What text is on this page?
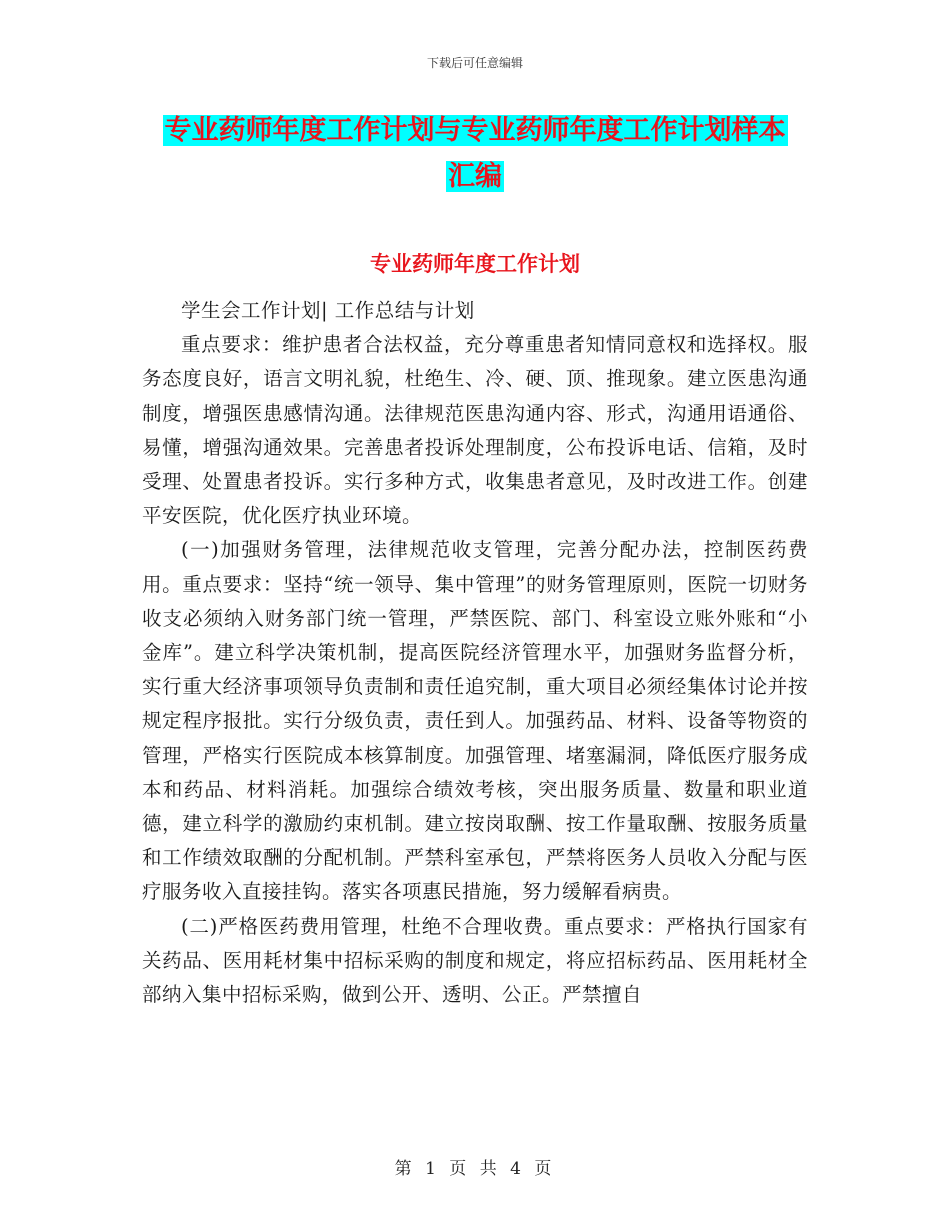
下载后可任意编辑
专业药师年度工作计划与专业药师年度工作计划样本
汇编
专业药师年度工作计划

学生会工作计划| 工作总结与计划

重点要求：维护患者合法权益，充分尊重患者知情同意权和选择权。服务态度良好，语言文明礼貌，杜绝生、冷、硬、顶、推现象。建立医患沟通制度，增强医患感情沟通。法律规范医患沟通内容、形式，沟通用语通俗、易懂，增强沟通效果。完善患者投诉处理制度，公布投诉电话、信箱，及时受理、处置患者投诉。实行多种方式，收集患者意见，及时改进工作。创建平安医院，优化医疗执业环境。

(一)加强财务管理，法律规范收支管理，完善分配办法，控制医药费用。重点要求：坚持“统一领导、集中管理”的财务管理原则，医院一切财务收支必须纳入财务部门统一管理，严禁医院、部门、科室设立账外账和“小金库”。建立科学决策机制，提高医院经济管理水平，加强财务监督分析，实行重大经济事项领导负责制和责任追究制，重大项目必须经集体讨论并按规定程序报批。实行分级负责，责任到人。加强药品、材料、设备等物资的管理，严格实行医院成本核算制度。加强管理、堵塞漏洞，降低医疗服务成本和药品、材料消耗。加强综合绩效考核，突出服务质量、数量和职业道德，建立科学的激励约束机制。建立按岗取酬、按工作量取酬、按服务质量和工作绩效取酬的分配机制。严禁科室承包，严禁将医务人员收入分配与医疗服务收入直接挂钩。落实各项惠民措施，努力缓解看病贵。

(二)严格医药费用管理，杜绝不合理收费。重点要求：严格执行国家有关药品、医用耗材集中招标采购的制度和规定，将应招标药品、医用耗材全部纳入集中招标采购，做到公开、透明、公正。严禁擅自

第 1 页 共 4 页
